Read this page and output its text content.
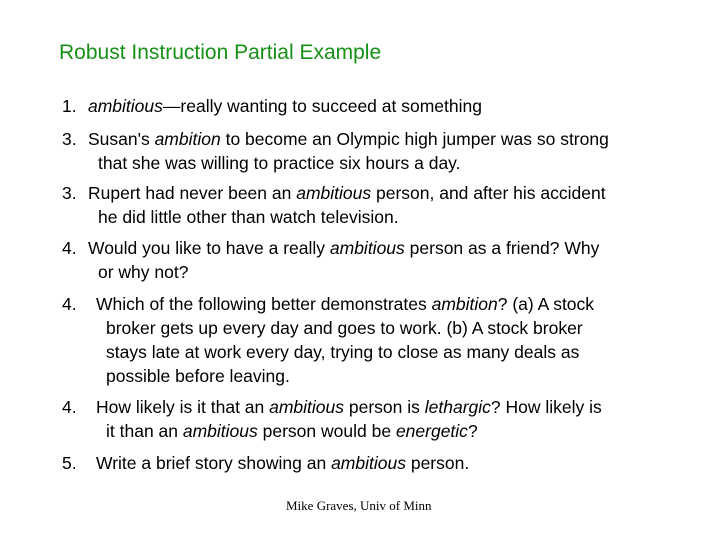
Robust Instruction Partial Example
1. ambitious—really wanting to succeed at something
3. Susan's ambition to become an Olympic high jumper was so strong
that she was willing to practice six hours a day.
3. Rupert had never been an ambitious person, and after his accident
he did little other than watch television.
4. Would you like to have a really ambitious person as a friend? Why
or why not?
4. Which of the following better demonstrates ambition? (a) A stock
broker gets up every day and goes to work. (b) A stock broker
stays late at work every day, trying to close as many deals as
possible before leaving.
4. How likely is it that an ambitious person is lethargic? How likely is
it than an ambitious person would be energetic?
5. Write a brief story showing an ambitious person.
Mike Graves, Univ of Minn
